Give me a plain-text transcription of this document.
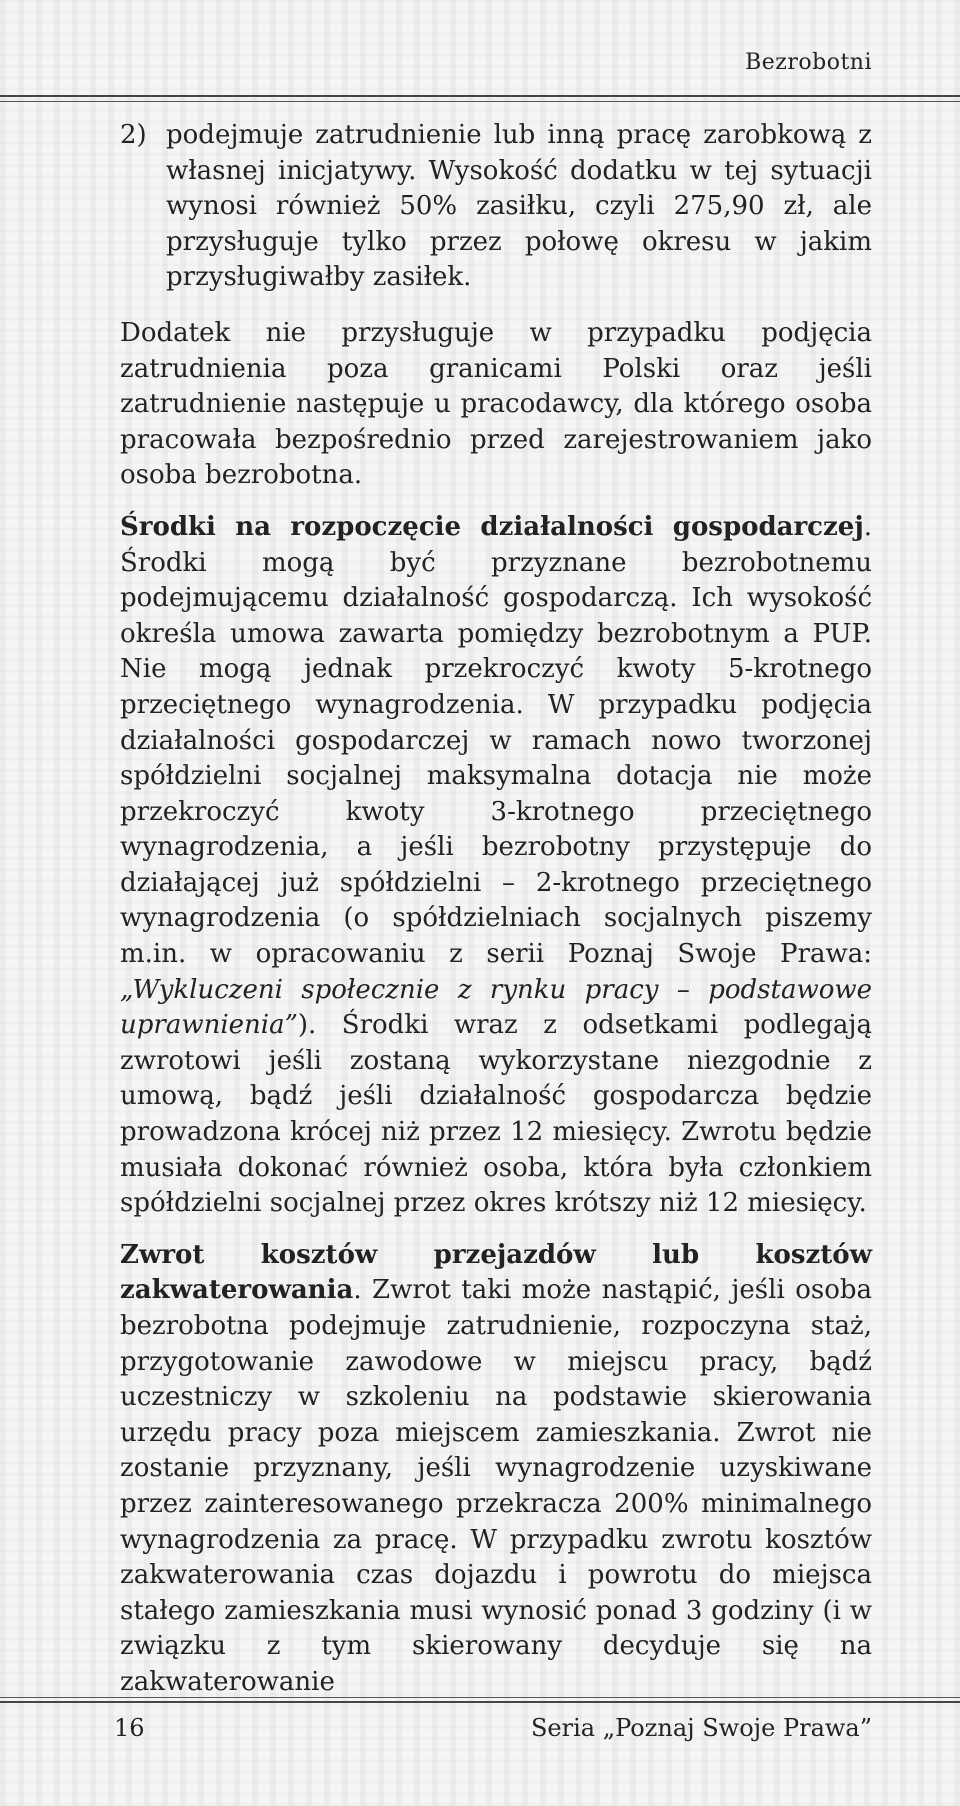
Bezrobotni
2) podejmuje zatrudnienie lub inną pracę zarobkową z własnej inicjatywy. Wysokość dodatku w tej sytuacji wynosi również 50% zasiłku, czyli 275,90 zł, ale przysługuje tylko przez połowę okresu w jakim przysługiwałby zasiłek.

Dodatek nie przysługuje w przypadku podjęcia zatrudnienia poza granicami Polski oraz jeśli zatrudnienie następuje u pracodawcy, dla którego osoba pracowała bezpośrednio przed zarejestrowaniem jako osoba bezrobotna.

Środki na rozpoczęcie działalności gospodarczej. Środki mogą być przyznane bezrobotnemu podejmującemu działalność gospodarczą. Ich wysokość określa umowa zawarta pomiędzy bezrobotnym a PUP. Nie mogą jednak przekroczyć kwoty 5-krotnego przeciętnego wynagrodzenia. W przypadku podjęcia działalności gospodarczej w ramach nowo tworzonej spółdzielni socjalnej maksymalna dotacja nie może przekroczyć kwoty 3-krotnego przeciętnego wynagrodzenia, a jeśli bezrobotny przystępuje do działającej już spółdzielni – 2-krotnego przeciętnego wynagrodzenia (o spółdzielniach socjalnych piszemy m.in. w opracowaniu z serii Poznaj Swoje Prawa: „Wykluczeni społecznie z rynku pracy – podstawowe uprawnienia”). Środki wraz z odsetkami podlegają zwrotowi jeśli zostaną wykorzystane niezgodnie z umową, bądź jeśli działalność gospodarcza będzie prowadzona krócej niż przez 12 miesięcy. Zwrotu będzie musiała dokonać również osoba, która była członkiem spółdzielni socjalnej przez okres krótszy niż 12 miesięcy.

Zwrot kosztów przejazdów lub kosztów zakwaterowania. Zwrot taki może nastąpić, jeśli osoba bezrobotna podejmuje zatrudnienie, rozpoczyna staż, przygotowanie zawodowe w miejscu pracy, bądź uczestniczy w szkoleniu na podstawie skierowania urzędu pracy poza miejscem zamieszkania. Zwrot nie zostanie przyznany, jeśli wynagrodzenie uzyskiwane przez zainteresowanego przekracza 200% minimalnego wynagrodzenia za pracę. W przypadku zwrotu kosztów zakwaterowania czas dojazdu i powrotu do miejsca stałego zamieszkania musi wynosić ponad 3 godziny (i w związku z tym skierowany decyduje się na zakwaterowanie

16	Seria „Poznaj Swoje Prawa”
